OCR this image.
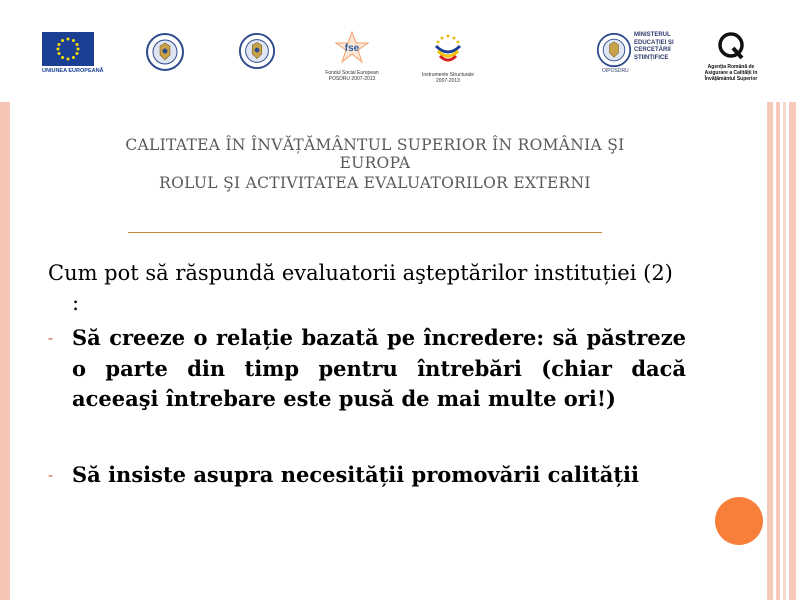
UNIUNEA EUROPEANĂ
fse
Fondul Social European
POSDRU 2007-2013
Instrumente Structurale
2007-2013
MINISTERUL
EDUCAȚIEI ȘI
CERCETĂRII
ȘTIINȚIFICE
OIPOSDRU
Agenția Română de
Asigurare a Calității în
Învățământul Superior
CALITATEA ÎN ÎNVĂȚĂMÂNTUL SUPERIOR ÎN ROMÂNIA ŞI
EUROPA
ROLUL ŞI ACTIVITATEA EVALUATORILOR EXTERNI
Cum pot să răspundă evaluatorii aşteptărilor instituției (2) :
- Să creeze o relație bazată pe încredere: să păstreze o parte din timp pentru întrebări (chiar dacă aceeaşi întrebare este pusă de mai multe ori!)
- Să insiste asupra necesității promovării calității
